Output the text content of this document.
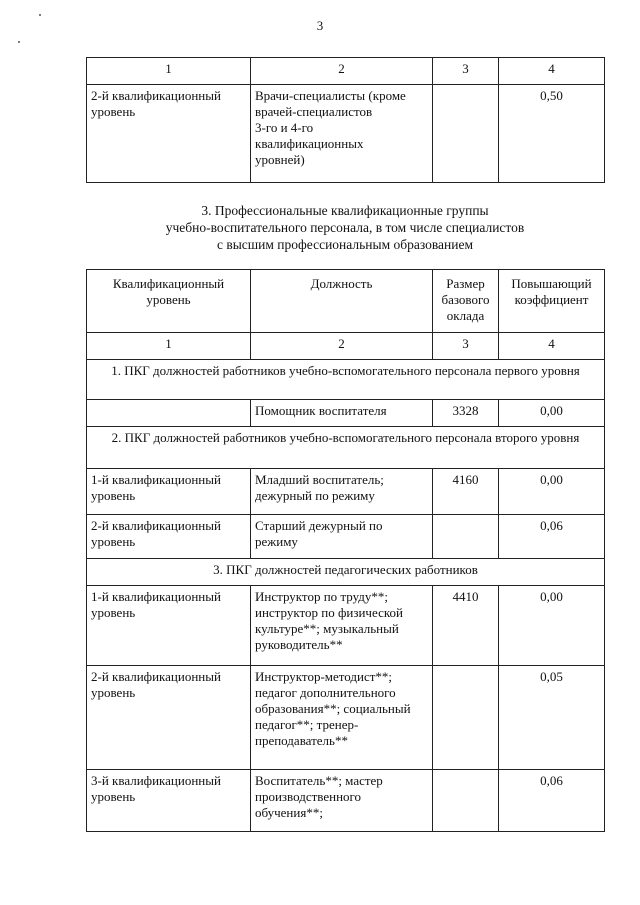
3
1	2	3	4
2-й квалификационный уровень	Врачи-специалисты (кроме
врачей-специалистов
3-го и 4-го
квалификационных
уровней)		0,50
3. Профессиональные квалификационные группы
учебно-воспитательного персонала, в том числе специалистов
с высшим профессиональным образованием
Квалификационный уровень	Должность	Размер базового оклада	Повышающий коэффициент
1	2	3	4
1. ПКГ должностей работников учебно-вспомогательного персонала первого уровня			
	Помощник воспитателя	3328	0,00
2. ПКГ должностей работников учебно-вспомогательного персонала второго уровня			
1-й квалификационный уровень	Младший воспитатель; дежурный по режиму	4160	0,00
2-й квалификационный уровень	Старший дежурный по режиму		0,06
3. ПКГ должностей педагогических работников			
1-й квалификационный уровень	Инструктор по труду**; инструктор по физической культуре**; музыкальный руководитель**	4410	0,00
2-й квалификационный уровень	Инструктор-методист**; педагог дополнительного образования**; социальный педагог**; тренер-преподаватель**		0,05
3-й квалификационный уровень	Воспитатель**; мастер производственного обучения**;		0,06
